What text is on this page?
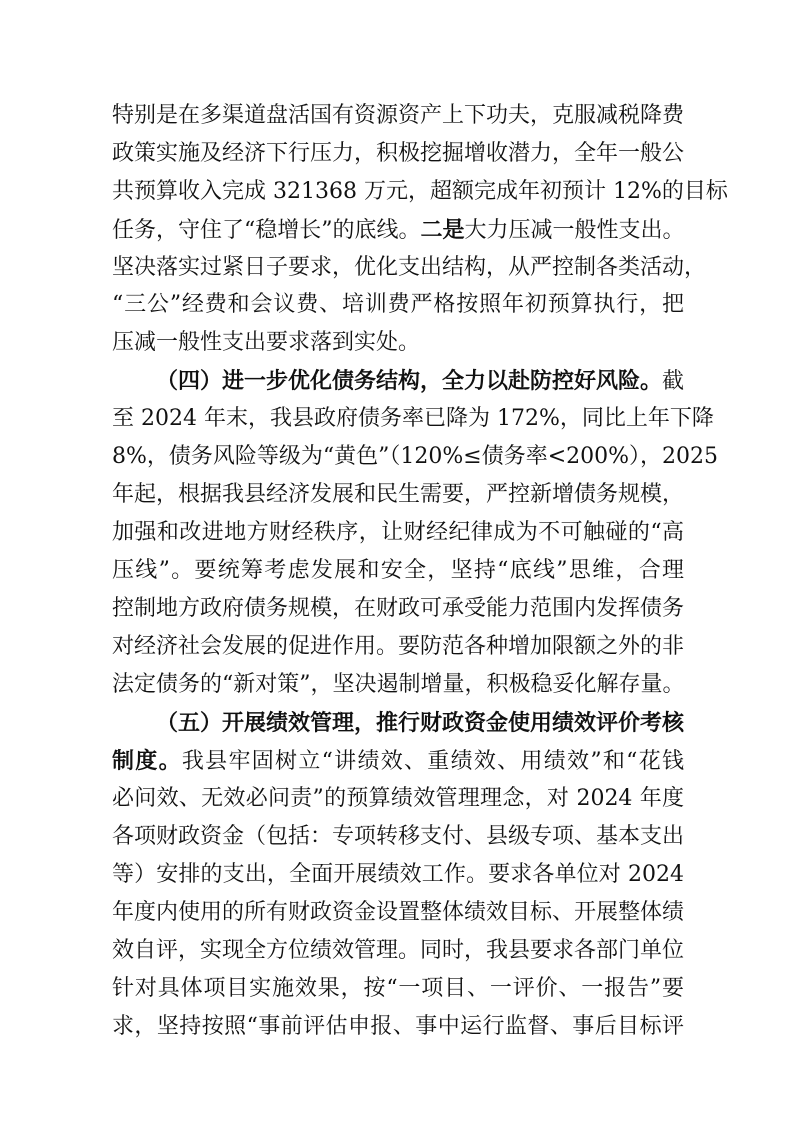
特别是在多渠道盘活国有资源资产上下功夫，克服减税降费
政策实施及经济下行压力，积极挖掘增收潜力，全年一般公
共预算收入完成 321368 万元，超额完成年初预计 12%的目标
任务，守住了“稳增长”的底线。二是大力压减一般性支出。
坚决落实过紧日子要求，优化支出结构，从严控制各类活动，
“三公”经费和会议费、培训费严格按照年初预算执行，把
压减一般性支出要求落到实处。
（四）进一步优化债务结构，全力以赴防控好风险。截
至 2024 年末，我县政府债务率已降为 172%，同比上年下降
8%，债务风险等级为“黄色”（120%≤债务率<200%），2025
年起，根据我县经济发展和民生需要，严控新增债务规模，
加强和改进地方财经秩序，让财经纪律成为不可触碰的“高
压线”。要统筹考虑发展和安全，坚持“底线”思维，合理
控制地方政府债务规模，在财政可承受能力范围内发挥债务
对经济社会发展的促进作用。要防范各种增加限额之外的非
法定债务的“新对策”，坚决遏制增量，积极稳妥化解存量。
（五）开展绩效管理，推行财政资金使用绩效评价考核
制度。我县牢固树立“讲绩效、重绩效、用绩效”和“花钱
必问效、无效必问责”的预算绩效管理理念，对 2024 年度
各项财政资金（包括：专项转移支付、县级专项、基本支出
等）安排的支出，全面开展绩效工作。要求各单位对 2024
年度内使用的所有财政资金设置整体绩效目标、开展整体绩
效自评，实现全方位绩效管理。同时，我县要求各部门单位
针对具体项目实施效果，按“一项目、一评价、一报告”要
求，坚持按照“事前评估申报、事中运行监督、事后目标评
